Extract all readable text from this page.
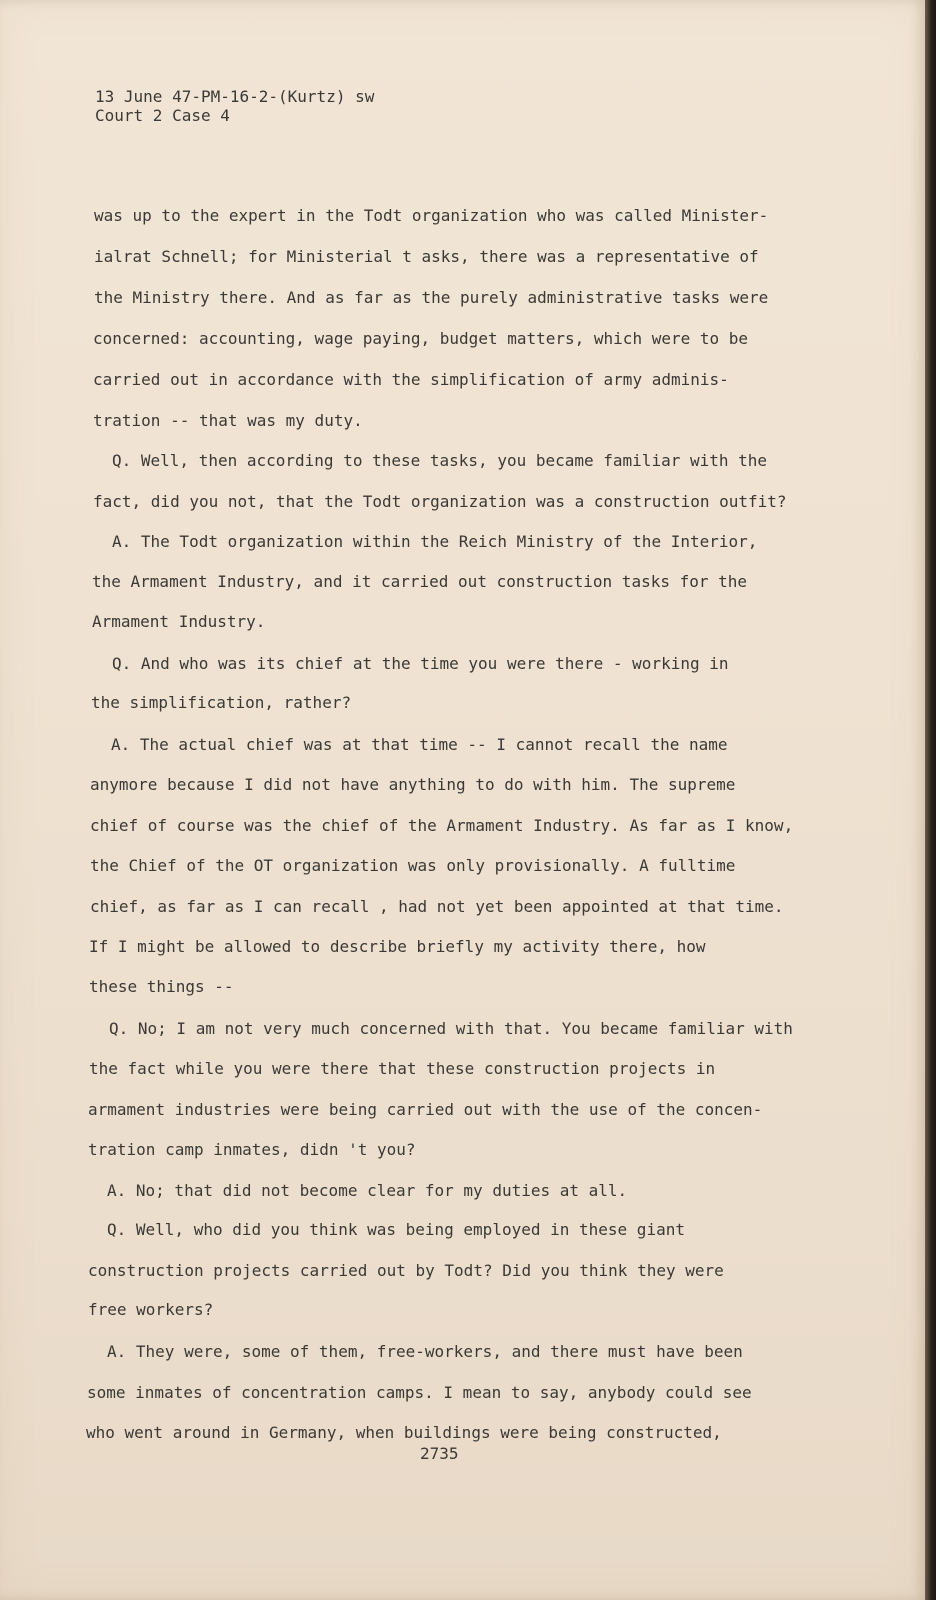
13 June 47-PM-16-2-(Kurtz) sw

Court 2 Case 4

was up to the expert in the Todt organization who was called Minister-

ialrat Schnell; for Ministerial t asks, there was a representative of

the Ministry there. And as far as the purely administrative tasks were

concerned: accounting, wage paying, budget matters, which were to be

carried out in accordance with the simplification of army adminis-

tration -- that was my duty.

Q. Well, then according to these tasks, you became familiar with the

fact, did you not, that the Todt organization was a construction outfit?

A. The Todt organization within the Reich Ministry of the Interior,

the Armament Industry, and it carried out construction tasks for the

Armament Industry.

Q. And who was its chief at the time you were there - working in

the simplification, rather?

A. The actual chief was at that time -- I cannot recall the name

anymore because I did not have anything to do with him. The supreme

chief of course was the chief of the Armament Industry. As far as I know,

the Chief of the OT organization was only provisionally. A fulltime

chief, as far as I can recall , had not yet been appointed at that time.

If I might be allowed to describe briefly my activity there, how

these things --

Q. No; I am not very much concerned with that. You became familiar with

the fact while you were there that these construction projects in

armament industries were being carried out with the use of the concen-

tration camp inmates, didn 't you?

A. No; that did not become clear for my duties at all.

Q. Well, who did you think was being employed in these giant

construction projects carried out by Todt? Did you think they were

free workers?

A. They were, some of them, free-workers, and there must have been

some inmates of concentration camps. I mean to say, anybody could see

who went around in Germany, when buildings were being constructed,

2735
